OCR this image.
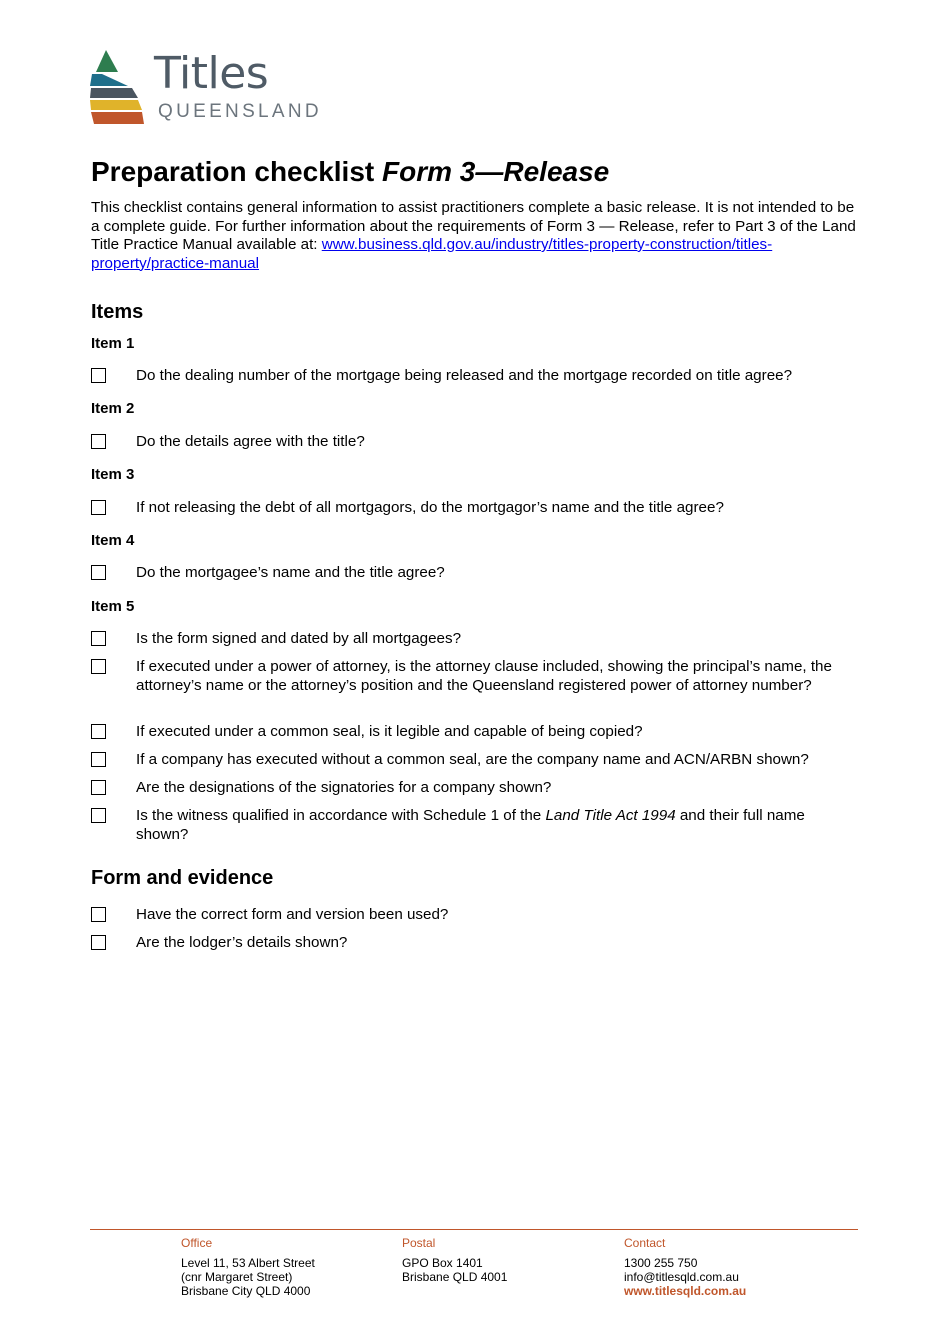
Titles
QUEENSLAND
Preparation checklist Form 3—Release

This checklist contains general information to assist practitioners complete a basic release. It is not intended to be a complete guide. For further information about the requirements of Form 3 — Release, refer to Part 3 of the Land Title Practice Manual available at: www.business.qld.gov.au/industry/titles-property-construction/titles-property/practice-manual

Items
Item 1
Do the dealing number of the mortgage being released and the mortgage recorded on title agree?
Item 2
Do the details agree with the title?
Item 3
If not releasing the debt of all mortgagors, do the mortgagor’s name and the title agree?
Item 4
Do the mortgagee’s name and the title agree?
Item 5
Is the form signed and dated by all mortgagees?
If executed under a power of attorney, is the attorney clause included, showing the principal’s name, the attorney’s name or the attorney’s position and the Queensland registered power of attorney number?
If executed under a common seal, is it legible and capable of being copied?
If a company has executed without a common seal, are the company name and ACN/ARBN shown?
Are the designations of the signatories for a company shown?
Is the witness qualified in accordance with Schedule 1 of the Land Title Act 1994 and their full name shown?
Form and evidence
Have the correct form and version been used?
Are the lodger’s details shown?
Office
Level 11, 53 Albert Street
(cnr Margaret Street)
Brisbane City QLD 4000
Postal
GPO Box 1401
Brisbane QLD 4001
Contact
1300 255 750
info@titlesqld.com.au
www.titlesqld.com.au
